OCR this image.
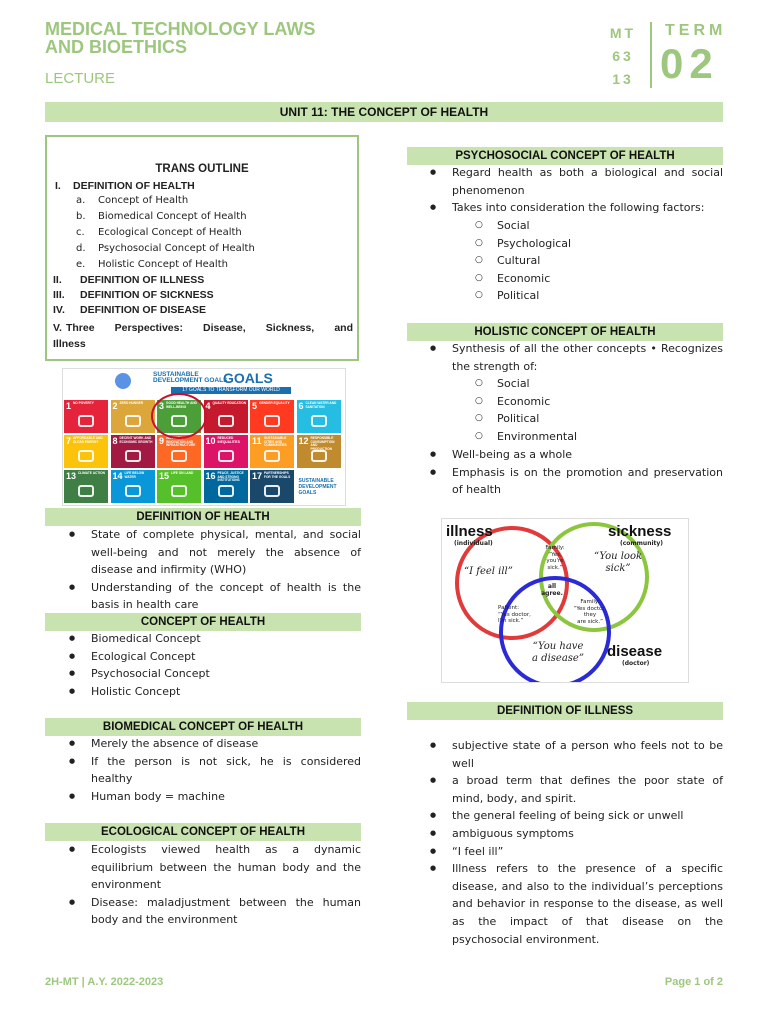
MEDICAL TECHNOLOGY LAWS
AND BIOETHICS
LECTURE
MT
63
13
TERM
02
UNIT 11: THE CONCEPT OF HEALTH
TRANS OUTLINE
I. DEFINITION OF HEALTH
a. Concept of Health
b. Biomedical Concept of Health
c. Ecological Concept of Health
d. Psychosocial Concept of Health
e. Holistic Concept of Health
II. DEFINITION OF ILLNESS
III. DEFINITION OF SICKNESS
IV. DEFINITION OF DISEASE
V. Three Perspectives: Disease, Sickness, and
Illness
SUSTAINABLE
DEVELOPMENT GOALS
GOALS
17 GOALS TO TRANSFORM OUR WORLD
1 NO POVERTY	2 ZERO HUNGER	3 GOOD HEALTH AND WELL-BEING	4 QUALITY EDUCATION 5 GENDER EQUALITY 6 CLEAN WATER AND SANITATION
7 AFFORDABLE AND CLEAN ENERGY	8 DECENT WORK AND ECONOMIC GROWTH 9 INDUSTRY, INNOVATION AND INFRASTRUCTURE	10 REDUCED INEQUALITIES	11 SUSTAINABLE CITIES AND COMMUNITIES	12 RESPONSIBLE CONSUMPTION AND PRODUCTION
13 CLIMATE ACTION 14 LIFE BELOW WATER	15 LIFE ON LAND	16 PEACE, JUSTICE AND STRONG INSTITUTIONS	17 PARTNERSHIPS FOR THE GOALS
SUSTAINABLE
DEVELOPMENT
GOALS
DEFINITION OF HEALTH
● State of complete physical, mental, and social well-being and not merely the absence of disease and infirmity (WHO)
● Understanding of the concept of health is the basis in health care
CONCEPT OF HEALTH
● Biomedical Concept
● Ecological Concept
● Psychosocial Concept
● Holistic Concept
BIOMEDICAL CONCEPT OF HEALTH
● Merely the absence of disease
● If the person is not sick, he is considered healthy
● Human body = machine
ECOLOGICAL CONCEPT OF HEALTH
● Ecologists viewed health as a dynamic equilibrium between the human body and the environment
● Disease: maladjustment between the human body and the environment
PSYCHOSOCIAL CONCEPT OF HEALTH
● Regard health as both a biological and social phenomenon
● Takes into consideration the following factors:
○ Social
○ Psychological
○ Cultural
○ Economic
○ Political
HOLISTIC CONCEPT OF HEALTH
● Synthesis of all the other concepts • Recognizes the strength of:
○ Social
○ Economic
○ Political
○ Environmental
● Well-being as a whole
● Emphasis is on the promotion and preservation of health
illness
(individual)
sickness
(community)
disease
(doctor)
“I feel ill”
“You look
sick”
“You have
a disease”
Family:
“Yes,
you're sick.”
all
agree.
Patient:
“Yes doctor,
I'm sick.”
Family:
“Yes doctor,
they
are sick.”
DEFINITION OF ILLNESS
● subjective state of a person who feels not to be well
● a broad term that defines the poor state of mind, body, and spirit.
● the general feeling of being sick or unwell
● ambiguous symptoms
● “I feel ill”
● Illness refers to the presence of a specific disease, and also to the individual’s perceptions and behavior in response to the disease, as well as the impact of that disease on the psychosocial environment.
2H-MT | A.Y. 2022-2023	Page 1 of 2
